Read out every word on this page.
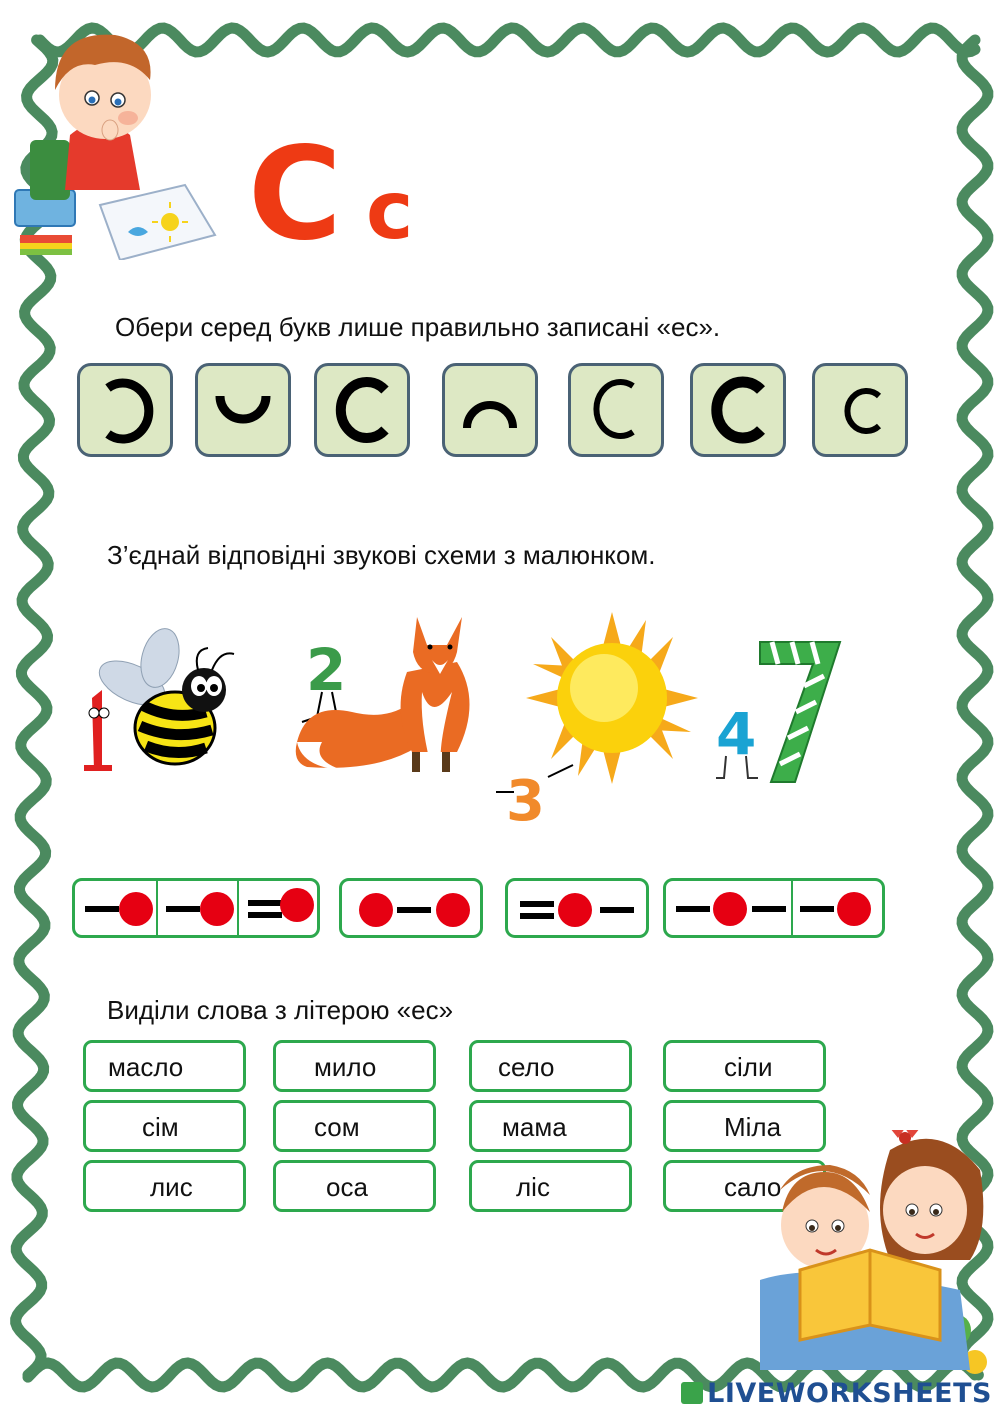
Сс
Обери серед букв лише правильно записані «ес».
З’єднай відповідні звукові схеми з малюнком.
2
3
4
Виділи слова з літерою «ес»
масло	мило	село	сіли
сім	сом	мама	Міла
лис	оса	ліс	сало
LIVEWORKSHEETS
